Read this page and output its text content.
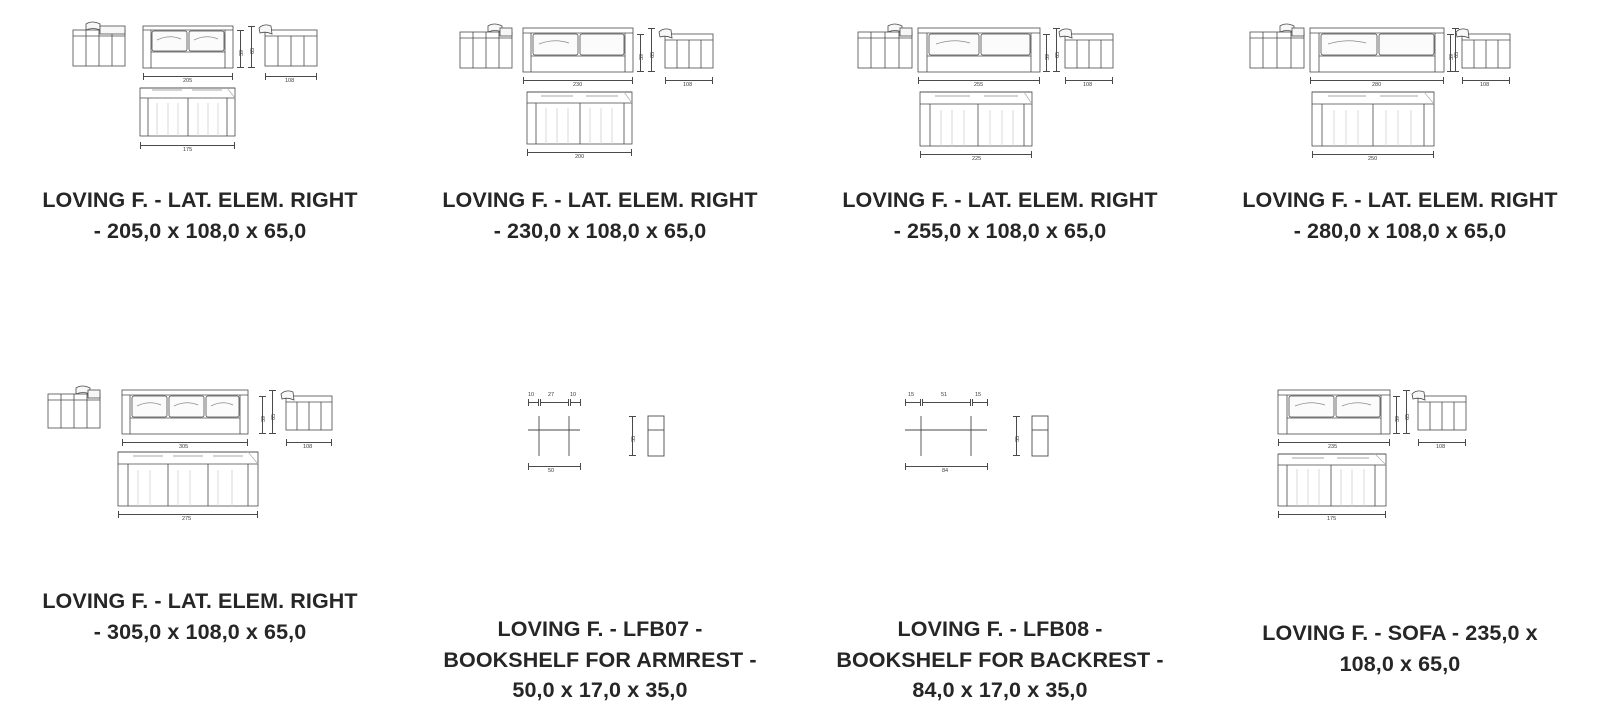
205	108
39 65
175
LOVING F. - LAT. ELEM. RIGHT
- 205,0 x 108,0 x 65,0
230	108
39 65
200
LOVING F. - LAT. ELEM. RIGHT
- 230,0 x 108,0 x 65,0
255	108
39 65
225
LOVING F. - LAT. ELEM. RIGHT
- 255,0 x 108,0 x 65,0
280	108
39 65
250
LOVING F. - LAT. ELEM. RIGHT
- 280,0 x 108,0 x 65,0
305	108
39 65
275
LOVING F. - LAT. ELEM. RIGHT
- 305,0 x 108,0 x 65,0
10	27	10
50
35
LOVING F. - LFB07 -
BOOKSHELF FOR ARMREST -
50,0 x 17,0 x 35,0
15	51	15
84
35
LOVING F. - LFB08 -
BOOKSHELF FOR BACKREST -
84,0 x 17,0 x 35,0
235	108
39 65
175
LOVING F. - SOFA - 235,0 x
108,0 x 65,0
